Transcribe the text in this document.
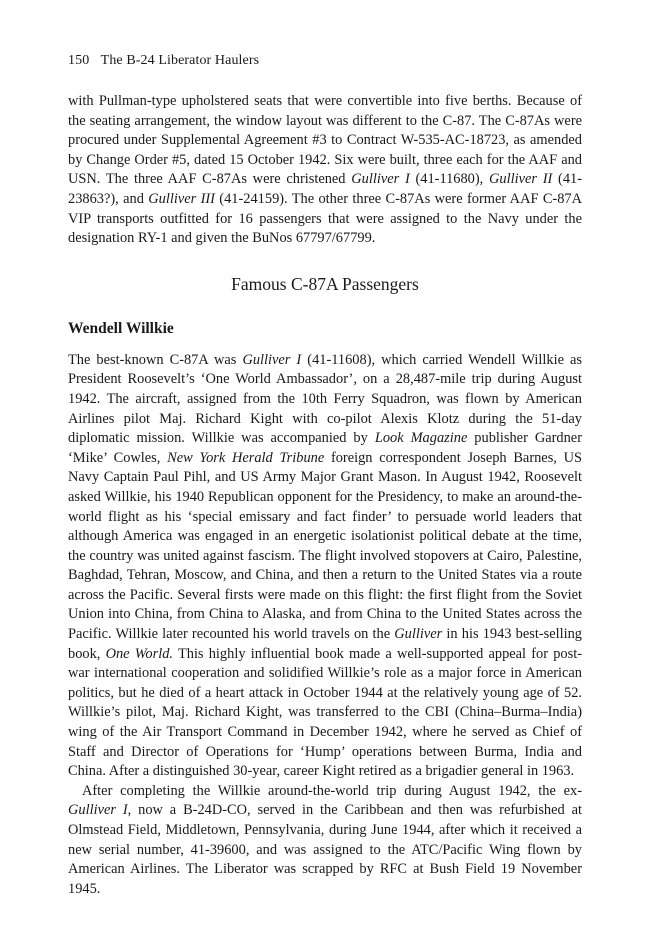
150 The B-24 Liberator Haulers

with Pullman-type upholstered seats that were convertible into five berths. Because of the seating arrangement, the window layout was different to the C-87. The C-87As were procured under Supplemental Agreement #3 to Contract W-535-AC-18723, as amended by Change Order #5, dated 15 October 1942. Six were built, three each for the AAF and USN. The three AAF C-87As were christened Gulliver I (41-11680), Gulliver II (41-23863?), and Gulliver III (41-24159). The other three C-87As were former AAF C-87A VIP transports outfitted for 16 passengers that were assigned to the Navy under the designation RY-1 and given the BuNos 67797/67799.

Famous C-87A Passengers
Wendell Willkie

The best-known C-87A was Gulliver I (41-11608), which carried Wendell Willkie as President Roosevelt’s ‘One World Ambassador’, on a 28,487-mile trip during August 1942. The aircraft, assigned from the 10th Ferry Squadron, was flown by American Airlines pilot Maj. Richard Kight with co-pilot Alexis Klotz during the 51-day diplomatic mission. Willkie was accompanied by Look Magazine publisher Gardner ‘Mike’ Cowles, New York Herald Tribune foreign correspondent Joseph Barnes, US Navy Captain Paul Pihl, and US Army Major Grant Mason. In August 1942, Roosevelt asked Willkie, his 1940 Republican opponent for the Presidency, to make an around-the-world flight as his ‘special emissary and fact finder’ to persuade world leaders that although America was engaged in an energetic isolationist political debate at the time, the country was united against fascism. The flight involved stopovers at Cairo, Palestine, Baghdad, Tehran, Moscow, and China, and then a return to the United States via a route across the Pacific. Several firsts were made on this flight: the first flight from the Soviet Union into China, from China to Alaska, and from China to the United States across the Pacific. Willkie later recounted his world travels on the Gulliver in his 1943 best-selling book, One World. This highly influential book made a well-supported appeal for post-war international cooperation and solidified Willkie’s role as a major force in American politics, but he died of a heart attack in October 1944 at the relatively young age of 52. Willkie’s pilot, Maj. Richard Kight, was transferred to the CBI (China–Burma–India) wing of the Air Transport Command in December 1942, where he served as Chief of Staff and Director of Operations for ‘Hump’ operations between Burma, India and China. After a distinguished 30-year, career Kight retired as a brigadier general in 1963.

After completing the Willkie around-the-world trip during August 1942, the ex-Gulliver I, now a B-24D-CO, served in the Caribbean and then was refurbished at Olmstead Field, Middletown, Pennsylvania, during June 1944, after which it received a new serial number, 41-39600, and was assigned to the ATC/Pacific Wing flown by American Airlines. The Liberator was scrapped by RFC at Bush Field 19 November 1945.
